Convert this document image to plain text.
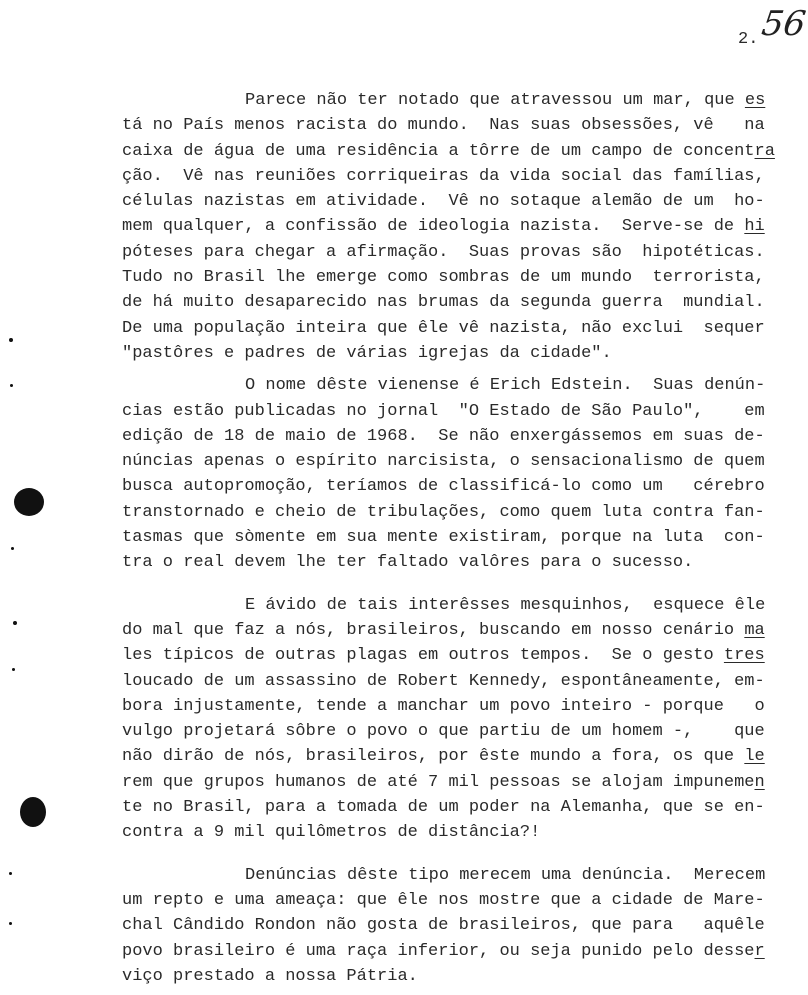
2. 56
Parece não ter notado que atravessou um mar, que es
tá no País menos racista do mundo.  Nas suas obsessões, vê   na
caixa de água de uma residência a tôrre de um campo de concentra
ção.  Vê nas reuniões corriqueiras da vida social das famílias,
células nazistas em atividade.  Vê no sotaque alemão de um  ho-
mem qualquer, a confissão de ideologia nazista.  Serve-se de hi
póteses para chegar a afirmação.  Suas provas são  hipotéticas.
Tudo no Brasil lhe emerge como sombras de um mundo  terrorista,
de há muito desaparecido nas brumas da segunda guerra  mundial.
De uma população inteira que êle vê nazista, não exclui  sequer
"pastôres e padres de várias igrejas da cidade".
O nome dêste vienense é Erich Edstein.  Suas denún-
cias estão publicadas no jornal  "O Estado de São Paulo",    em
edição de 18 de maio de 1968.  Se não enxergássemos em suas de-
núncias apenas o espírito narcisista, o sensacionalismo de quem
busca autopromoção, teríamos de classificá-lo como um   cérebro
transtornado e cheio de tribulações, como quem luta contra fan-
tasmas que sòmente em sua mente existiram, porque na luta  con-
tra o real devem lhe ter faltado valôres para o sucesso.
E ávido de tais interêsses mesquinhos,  esquece êle
do mal que faz a nós, brasileiros, buscando em nosso cenário ma
les típicos de outras plagas em outros tempos.  Se o gesto tres
loucado de um assassino de Robert Kennedy, espontâneamente, em-
bora injustamente, tende a manchar um povo inteiro - porque   o
vulgo projetará sôbre o povo o que partiu de um homem -,    que
não dirão de nós, brasileiros, por êste mundo a fora, os que le
rem que grupos humanos de até 7 mil pessoas se alojam impunemen
te no Brasil, para a tomada de um poder na Alemanha, que se en-
contra a 9 mil quilômetros de distância?!
Denúncias dêste tipo merecem uma denúncia.  Merecem
um repto e uma ameaça: que êle nos mostre que a cidade de Mare-
chal Cândido Rondon não gosta de brasileiros, que para   aquêle
povo brasileiro é uma raça inferior, ou seja punido pelo desser
viço prestado a nossa Pátria.
